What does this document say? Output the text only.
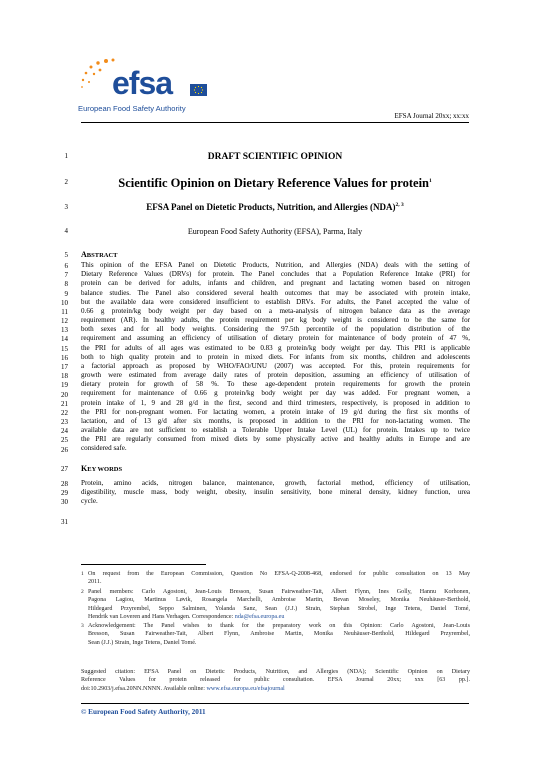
efsa
European Food Safety Authority
EFSA Journal 20xx; xx:xx
1
2
3
4
5
6
7
8
9
10
11
12
13
14
15
16
17
18
19
20
21
22
23
24
25
26
27
28
29
30
31
DRAFT SCIENTIFIC OPINION
Scientific Opinion on Dietary Reference Values for protein$^1$
EFSA Panel on Dietetic Products, Nutrition, and Allergies (NDA)$^{2, 3}$
European Food Safety Authority (EFSA), Parma, Italy
ABSTRACT
This opinion of the EFSA Panel on Dietetic Products, Nutrition, and Allergies (NDA) deals with the setting of
Dietary Reference Values (DRVs) for protein. The Panel concludes that a Population Reference Intake (PRI) for
protein can be derived for adults, infants and children, and pregnant and lactating women based on nitrogen
balance studies. The Panel also considered several health outcomes that may be associated with protein intake,
but the available data were considered insufficient to establish DRVs. For adults, the Panel accepted the value of
0.66 g protein/kg body weight per day based on a meta-analysis of nitrogen balance data as the average
requirement (AR). In healthy adults, the protein requirement per kg body weight is considered to be the same for
both sexes and for all body weights. Considering the 97.5th percentile of the population distribution of the
requirement and assuming an efficiency of utilisation of dietary protein for maintenance of body protein of 47 %,
the PRI for adults of all ages was estimated to be 0.83 g protein/kg body weight per day. This PRI is applicable
both to high quality protein and to protein in mixed diets. For infants from six months, children and adolescents
a factorial approach as proposed by WHO/FAO/UNU (2007) was accepted. For this, protein requirements for
growth were estimated from average daily rates of protein deposition, assuming an efficiency of utilisation of
dietary protein for growth of 58 %. To these age-dependent protein requirements for growth the protein
requirement for maintenance of 0.66 g protein/kg body weight per day was added. For pregnant women, a
protein intake of 1, 9 and 28 g/d in the first, second and third trimesters, respectively, is proposed in addition to
the PRI for non-pregnant women. For lactating women, a protein intake of 19 g/d during the first six months of
lactation, and of 13 g/d after six months, is proposed in addition to the PRI for non-lactating women. The
available data are not sufficient to establish a Tolerable Upper Intake Level (UL) for protein. Intakes up to twice
the PRI are regularly consumed from mixed diets by some physically active and healthy adults in Europe and are
considered safe.
KEY WORDS
Protein, amino acids, nitrogen balance, maintenance, growth, factorial method, efficiency of utilisation,
digestibility, muscle mass, body weight, obesity, insulin sensitivity, bone mineral density, kidney function, urea
cycle.
1 On request from the European Commission, Question No EFSA-Q-2008-468, endorsed for public consultation on 13 May
2011.
2 Panel members: Carlo Agostoni, Jean-Louis Bresson, Susan Fairweather-Tait, Albert Flynn, Ines Golly, Hannu Korhonen,
Pagona Lagiou, Martinus Løvik, Rosangela Marchelli, Ambroise Martin, Bevan Moseley, Monika Neuhäuser-Berthold,
Hildegard Przyrembel, Seppo Salminen, Yolanda Sanz, Sean (J.J.) Strain, Stephan Strobel, Inge Tetens, Daniel Tomé,
Hendrik van Loveren and Hans Verhagen. Correspondence: nda@efsa.europa.eu
3 Acknowledgement: The Panel wishes to thank for the preparatory work on this Opinion: Carlo Agostoni, Jean-Louis
Bresson, Susan Fairweather-Tait, Albert Flynn, Ambroise Martin, Monika Neuhäuser-Berthold, Hildegard Przyrembel,
Sean (J.J.) Strain, Inge Tetens, Daniel Tomé.
Suggested citation: EFSA Panel on Dietetic Products, Nutrition, and Allergies (NDA); Scientific Opinion on Dietary
Reference Values for protein released for public consultation. EFSA Journal 20xx; xxx [63 pp.].
doi:10.2903/j.efsa.20NN.NNNN. Available online: www.efsa.europa.eu/efsajournal
© European Food Safety Authority, 2011
